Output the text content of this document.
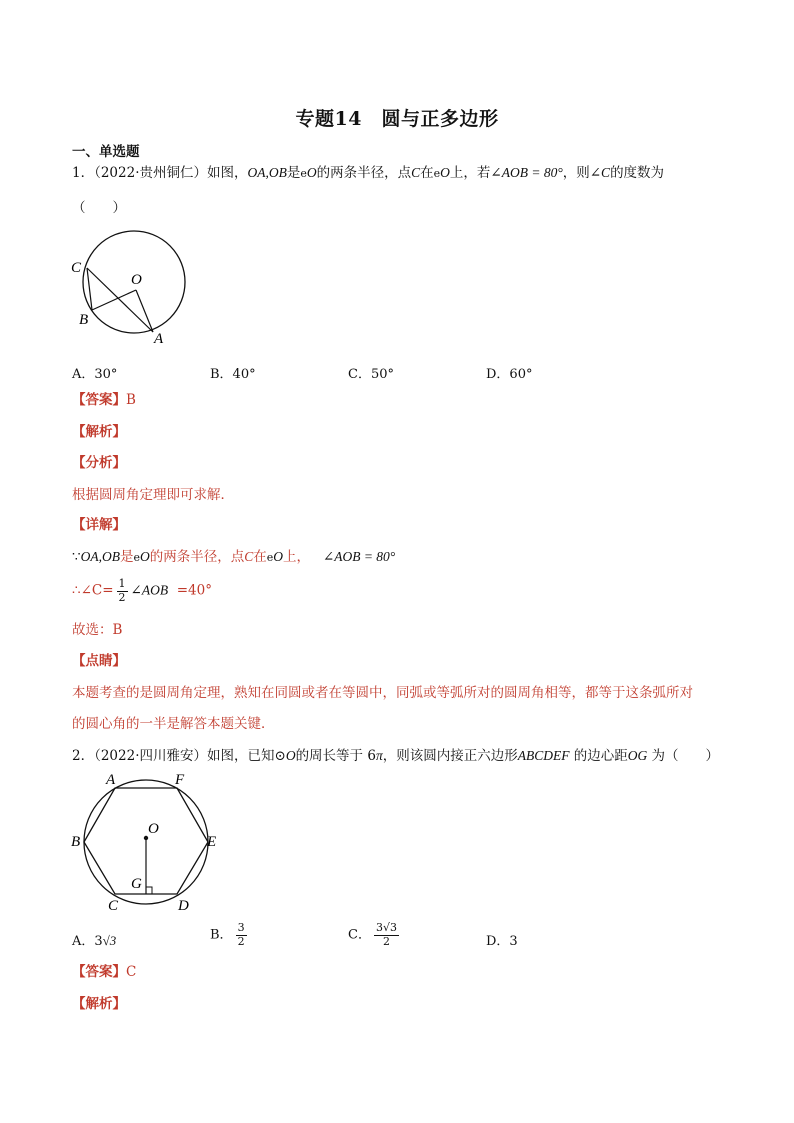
专题14　圆与正多边形
一、单选题
1．（2022·贵州铜仁）如图，OA,OB是eO的两条半径，点C在eO上，若∠AOB = 80°，则∠C的度数为
（　　）
C
O
B
A
A．30°	B．40°	C．50°	D．60°
【答案】B
【解析】
【分析】
根据圆周角定理即可求解．
【详解】
∵OA,OB是eO的两条半径，点C在eO上， ∠AOB = 80°
∴∠C= $\frac{1}{2}$ ∠AOB =40°
故选：B
【点睛】
本题考查的是圆周角定理，熟知在同圆或者在等圆中，同弧或等弧所对的圆周角相等，都等于这条弧所对
的圆心角的一半是解答本题关键．
2．（2022·四川雅安）如图，已知⊙O的周长等于 6π，则该圆内接正六边形ABCDEF 的边心距OG 为（　　）
A	F
B	E
O
G
C	D
A．3√3	B． $\frac{3}{2}$	C． $\frac{3√3}{2}$	D．3
【答案】C
【解析】
